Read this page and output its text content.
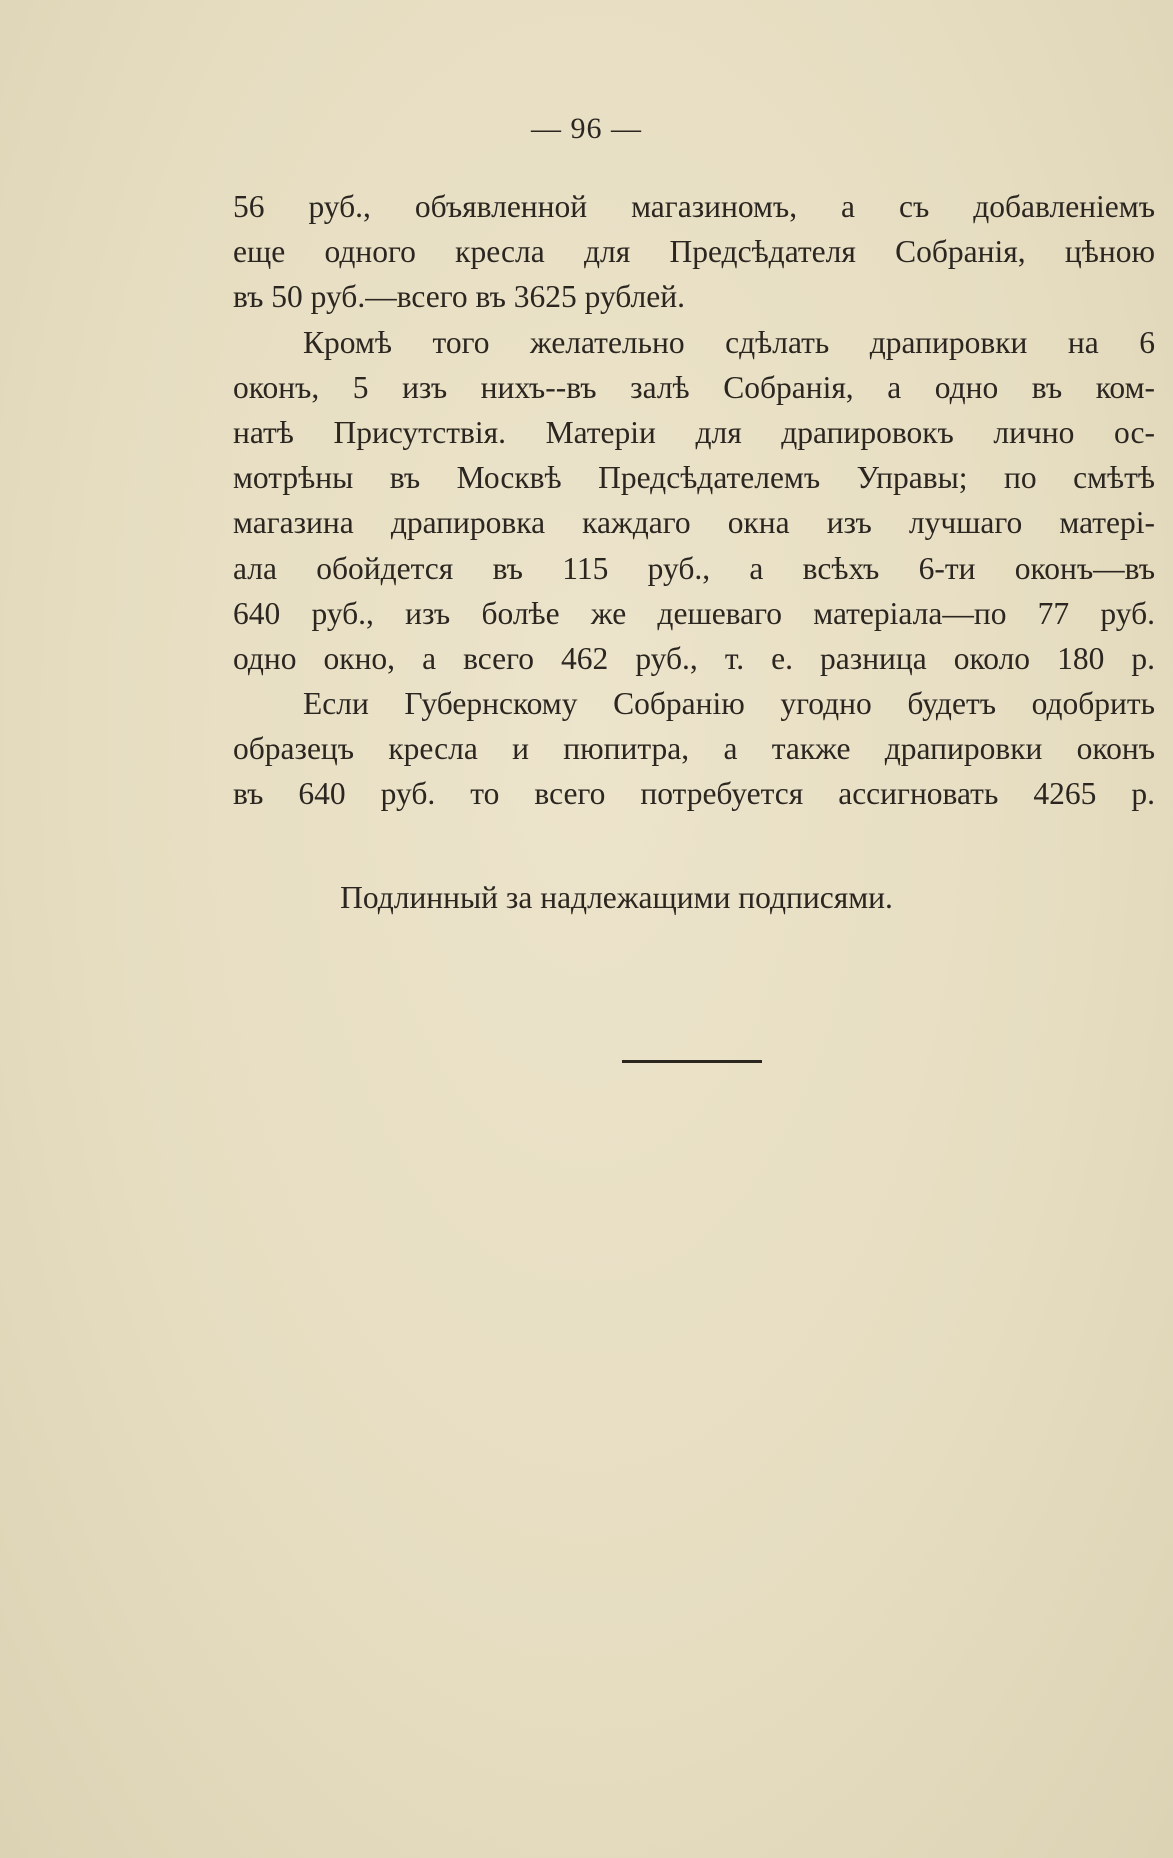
— 96 —
56 руб., объявленной магазиномъ, а съ добавленіемъ
еще одного кресла для Предсѣдателя Собранія, цѣною
въ 50 руб.—всего въ 3625 рублей.
Кромѣ того желательно сдѣлать драпировки на 6
оконъ, 5 изъ нихъ--въ залѣ Собранія, а одно въ ком-
натѣ Присутствія. Матеріи для драпировокъ лично ос-
мотрѣны въ Москвѣ Предсѣдателемъ Управы; по смѣтѣ
магазина драпировка каждаго окна изъ лучшаго матері-
ала обойдется въ 115 руб., а всѣхъ 6-ти оконъ—въ
640 руб., изъ болѣе же дешеваго матеріала—по 77 руб.
одно окно, а всего 462 руб., т. е. разница около 180 р.
Если Губернскому Собранію угодно будетъ одобрить
образецъ кресла и пюпитра, а также драпировки оконъ
въ 640 руб. то всего потребуется ассигновать 4265 р.
Подлинный за надлежащими подписями.
